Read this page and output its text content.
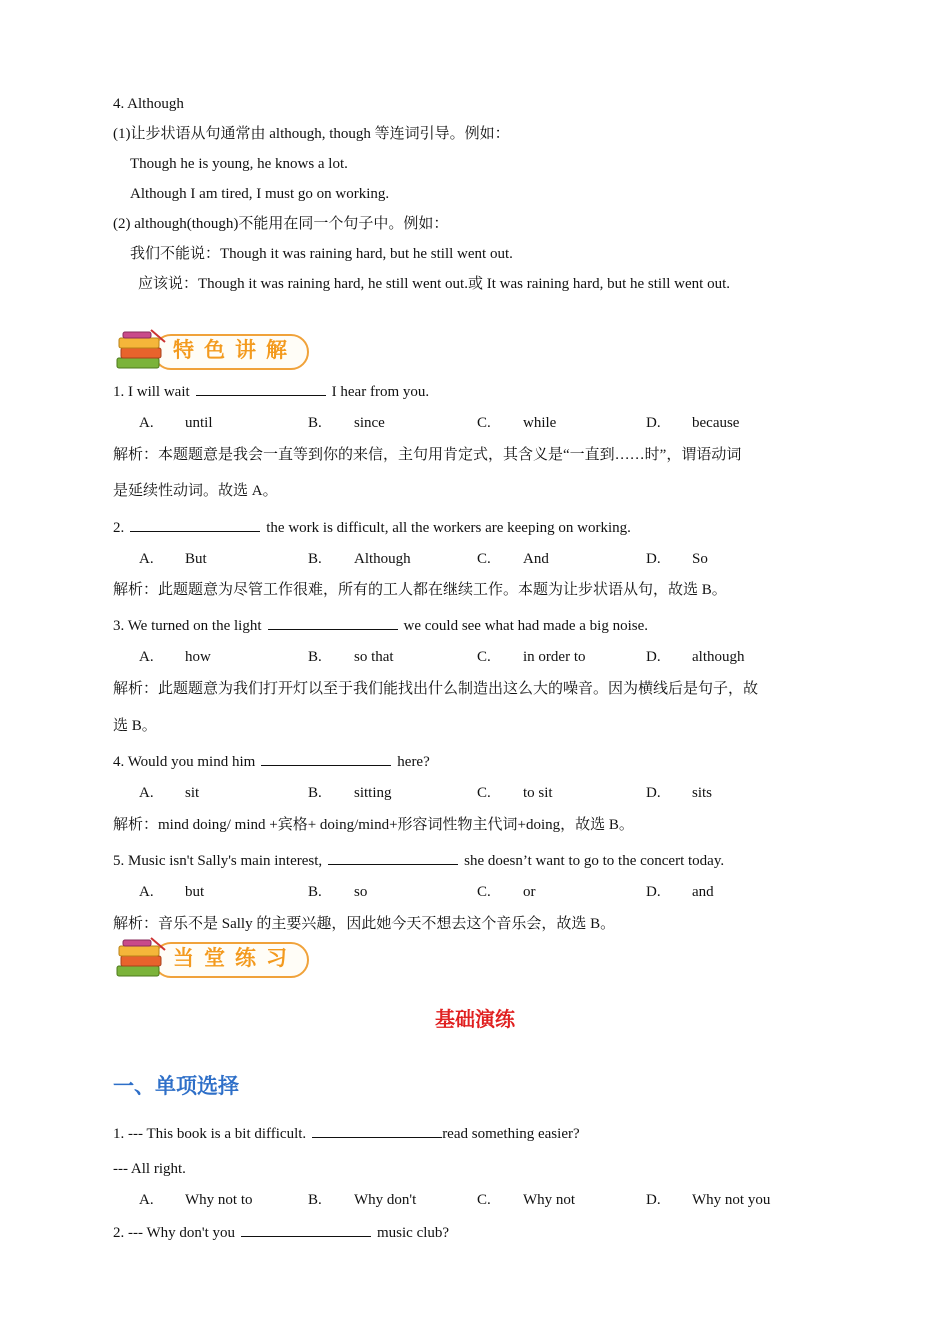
4. Although
(1)让步状语从句通常由 although, though 等连词引导。例如：
Though he is young, he knows a lot.
Although I am tired, I must go on working.
(2) although(though)不能用在同一个句子中。例如：
我们不能说：Though it was raining hard, but he still went out.
应该说：Though it was raining hard, he still went out.或 It was raining hard, but he still went out.
特色讲解
1. I will wait	I hear from you.
A. until	B. since	C. while	D. because
解析：本题题意是我会一直等到你的来信，主句用肯定式，其含义是“一直到……时”，谓语动词
是延续性动词。故选 A。
2.	the work is difficult, all the workers are keeping on working.
A. But	B. Although	C. And	D. So
解析：此题题意为尽管工作很难，所有的工人都在继续工作。本题为让步状语从句，故选 B。
3. We turned on the light	we could see what had made a big noise.
A. how	B. so that	C. in order to	D. although
解析：此题题意为我们打开灯以至于我们能找出什么制造出这么大的噪音。因为横线后是句子，故
选 B。
4. Would you mind him	here?
A. sit	B. sitting	C. to sit	D. sits
解析：mind doing/ mind +宾格+ doing/mind+形容词性物主代词+doing，故选 B。
5. Music isn't Sally's main interest,	she doesn’t want to go to the concert today.
A. but	B. so	C. or	D. and
解析：音乐不是 Sally 的主要兴趣，因此她今天不想去这个音乐会，故选 B。
当堂练习
基础演练
一、单项选择
1. --- This book is a bit difficult.	read something easier?
--- All right.
A. Why not to	B. Why don't	C. Why not	D. Why not you
2. --- Why don't you	music club?
